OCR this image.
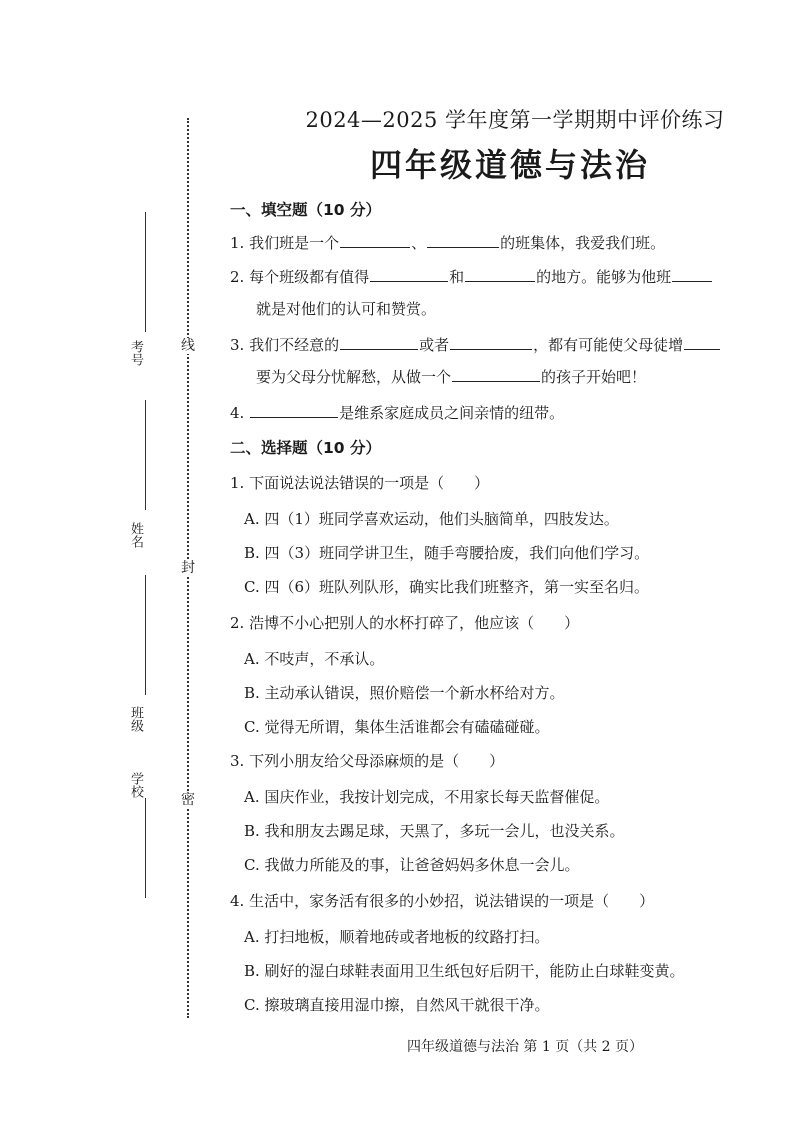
线
封
密
考号
姓名
班级
学校
2024—2025 学年度第一学期期中评价练习
四年级道德与法治
一、填空题（10 分）
1. 我们班是一个	、	的班集体，我爱我们班。
2. 每个班级都有值得	和	的地方。能够为他班
就是对他们的认可和赞赏。
3. 我们不经意的	或者	，都有可能使父母徒增
要为父母分忧解愁，从做一个	的孩子开始吧！
4.	是维系家庭成员之间亲情的纽带。
二、选择题（10 分）
1. 下面说法说法错误的一项是（　　）
A. 四（1）班同学喜欢运动，他们头脑简单，四肢发达。
B. 四（3）班同学讲卫生，随手弯腰拾废，我们向他们学习。
C. 四（6）班队列队形，确实比我们班整齐，第一实至名归。
2. 浩博不小心把别人的水杯打碎了，他应该（　　）
A. 不吱声，不承认。
B. 主动承认错误，照价赔偿一个新水杯给对方。
C. 觉得无所谓，集体生活谁都会有磕磕碰碰。
3. 下列小朋友给父母添麻烦的是（　　）
A. 国庆作业，我按计划完成，不用家长每天监督催促。
B. 我和朋友去踢足球，天黑了，多玩一会儿，也没关系。
C. 我做力所能及的事，让爸爸妈妈多休息一会儿。
4. 生活中，家务活有很多的小妙招，说法错误的一项是（　　）
A. 打扫地板，顺着地砖或者地板的纹路打扫。
B. 刷好的湿白球鞋表面用卫生纸包好后阴干，能防止白球鞋变黄。
C. 擦玻璃直接用湿巾擦，自然风干就很干净。
四年级道德与法治 第 1 页（共 2 页）
